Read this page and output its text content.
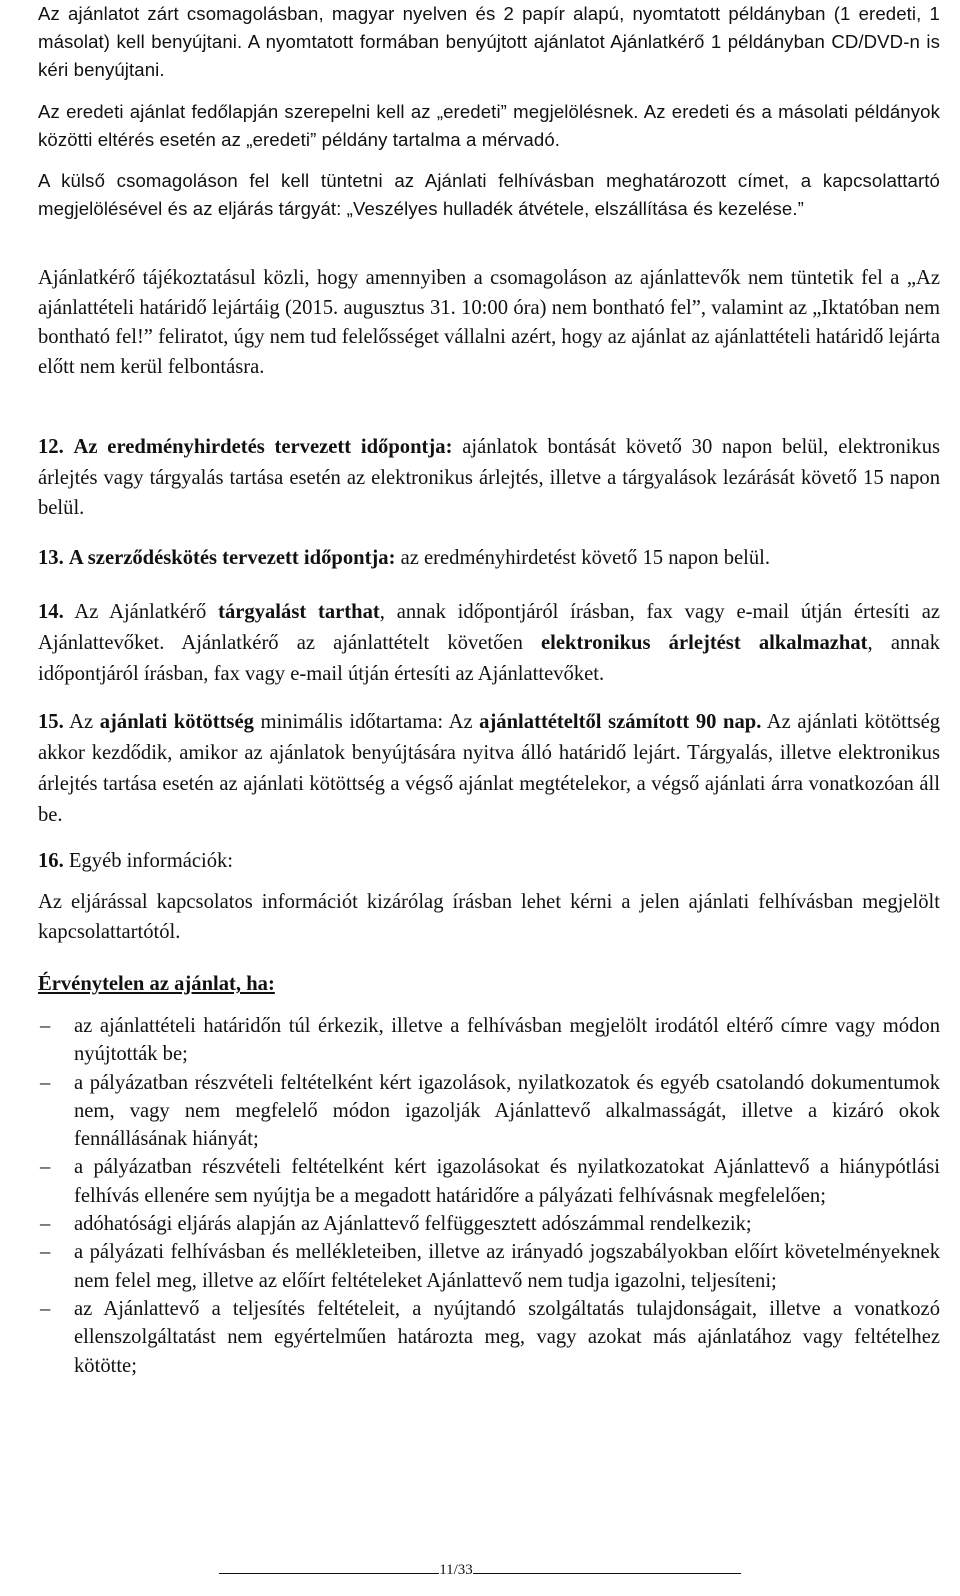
Az ajánlatot zárt csomagolásban, magyar nyelven és 2 papír alapú, nyomtatott példányban (1 eredeti, 1 másolat) kell benyújtani. A nyomtatott formában benyújtott ajánlatot Ajánlatkérő 1 példányban CD/DVD-n is kéri benyújtani.

Az eredeti ajánlat fedőlapján szerepelni kell az „eredeti” megjelölésnek. Az eredeti és a másolati példányok közötti eltérés esetén az „eredeti” példány tartalma a mérvadó.

A külső csomagoláson fel kell tüntetni az Ajánlati felhívásban meghatározott címet, a kapcsolattartó megjelölésével és az eljárás tárgyát: „Veszélyes hulladék átvétele, elszállítása és kezelése.”

Ajánlatkérő tájékoztatásul közli, hogy amennyiben a csomagoláson az ajánlattevők nem tüntetik fel a „Az ajánlattételi határidő lejártáig (2015. augusztus 31. 10:00 óra) nem bontható fel”, valamint az „Iktatóban nem bontható fel!” feliratot, úgy nem tud felelősséget vállalni azért, hogy az ajánlat az ajánlattételi határidő lejárta előtt nem kerül felbontásra.

12. Az eredményhirdetés tervezett időpontja: ajánlatok bontását követő 30 napon belül, elektronikus árlejtés vagy tárgyalás tartása esetén az elektronikus árlejtés, illetve a tárgyalások lezárását követő 15 napon belül.

13. A szerződéskötés tervezett időpontja: az eredményhirdetést követő 15 napon belül.

14. Az Ajánlatkérő tárgyalást tarthat, annak időpontjáról írásban, fax vagy e-mail útján értesíti az Ajánlattevőket. Ajánlatkérő az ajánlattételt követően elektronikus árlejtést alkalmazhat, annak időpontjáról írásban, fax vagy e-mail útján értesíti az Ajánlattevőket.

15. Az ajánlati kötöttség minimális időtartama: Az ajánlattételtől számított 90 nap. Az ajánlati kötöttség akkor kezdődik, amikor az ajánlatok benyújtására nyitva álló határidő lejárt. Tárgyalás, illetve elektronikus árlejtés tartása esetén az ajánlati kötöttség a végső ajánlat megtételekor, a végső ajánlati árra vonatkozóan áll be.

16. Egyéb információk:

Az eljárással kapcsolatos információt kizárólag írásban lehet kérni a jelen ajánlati felhívásban megjelölt kapcsolattartótól.

Érvénytelen az ajánlat, ha:

– az ajánlattételi határidőn túl érkezik, illetve a felhívásban megjelölt irodától eltérő címre vagy módon nyújtották be;
– a pályázatban részvételi feltételként kért igazolások, nyilatkozatok és egyéb csatolandó dokumentumok nem, vagy nem megfelelő módon igazolják Ajánlattevő alkalmasságát, illetve a kizáró okok fennállásának hiányát;
– a pályázatban részvételi feltételként kért igazolásokat és nyilatkozatokat Ajánlattevő a hiánypótlási felhívás ellenére sem nyújtja be a megadott határidőre a pályázati felhívásnak megfelelően;
– adóhatósági eljárás alapján az Ajánlattevő felfüggesztett adószámmal rendelkezik;
– a pályázati felhívásban és mellékleteiben, illetve az irányadó jogszabályokban előírt követelményeknek nem felel meg, illetve az előírt feltételeket Ajánlattevő nem tudja igazolni, teljesíteni;
– az Ajánlattevő a teljesítés feltételeit, a nyújtandó szolgáltatás tulajdonságait, illetve a vonatkozó ellenszolgáltatást nem egyértelműen határozta meg, vagy azokat más ajánlatához vagy feltételhez kötötte;
11/33
